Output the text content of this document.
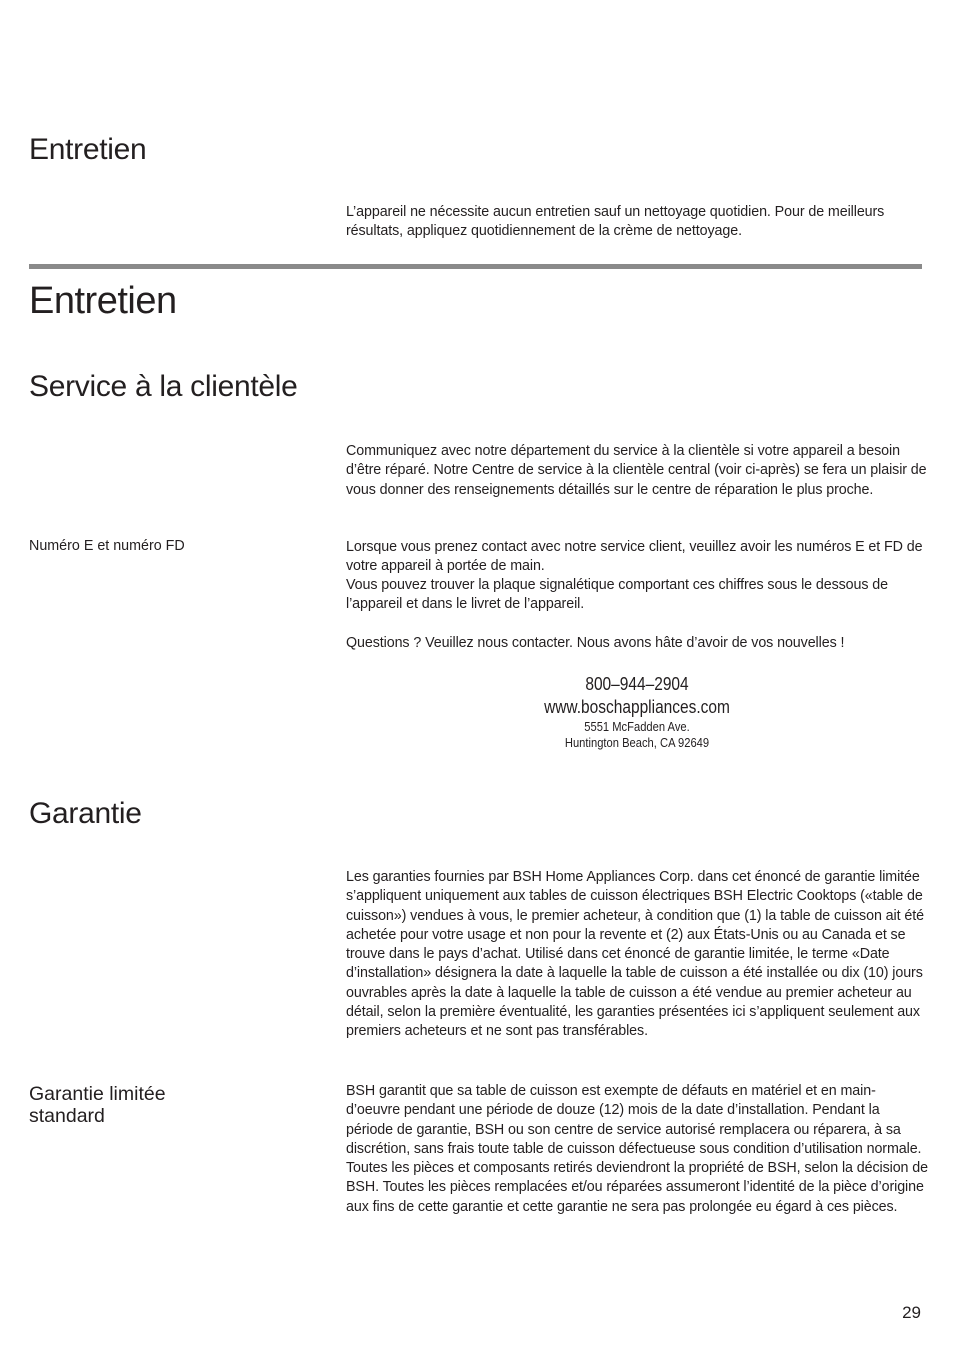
Entretien

L’appareil ne nécessite aucun entretien sauf un nettoyage quotidien. Pour de meilleurs résultats, appliquez quotidiennement de la crème de nettoyage.

Entretien
Service à la clientèle

Communiquez avec notre département du service à la clientèle si votre appareil a besoin d’être réparé. Notre Centre de service à la clientèle central (voir ci-après) se fera un plaisir de vous donner des renseignements détaillés sur le centre de réparation le plus proche.

Numéro E et numéro FD	Lorsque vous prenez contact avec notre service client, veuillez avoir les numéros E et FD de votre appareil à portée de main.

Vous pouvez trouver la plaque signalétique comportant ces chiffres sous le dessous de l’appareil et dans le livret de l’appareil.

Questions ? Veuillez nous contacter. Nous avons hâte d’avoir de vos nouvelles !

800–944–2904
www.boschappliances.com
5551 McFadden Ave.
Huntington Beach, CA 92649
Garantie

Les garanties fournies par BSH Home Appliances Corp. dans cet énoncé de garantie limitée s’appliquent uniquement aux tables de cuisson électriques BSH Electric Cooktops («table de cuisson») vendues à vous, le premier acheteur, à condition que (1) la table de cuisson ait été achetée pour votre usage et non pour la revente et (2) aux États-Unis ou au Canada et se trouve dans le pays d’achat. Utilisé dans cet énoncé de garantie limitée, le terme «Date d’installation» désignera la date à laquelle la table de cuisson a été installée ou dix (10) jours ouvrables après la date à laquelle la table de cuisson a été vendue au premier acheteur au détail, selon la première éventualité, les garanties présentées ici s’appliquent seulement aux premiers acheteurs et ne sont pas transférables.

Garantie limitée standard

BSH garantit que sa table de cuisson est exempte de défauts en matériel et en main-d’oeuvre pendant une période de douze (12) mois de la date d’installation. Pendant la période de garantie, BSH ou son centre de service autorisé remplacera ou réparera, à sa discrétion, sans frais toute table de cuisson défectueuse sous condition d’utilisation normale. Toutes les pièces et composants retirés deviendront la propriété de BSH, selon la décision de BSH. Toutes les pièces remplacées et/ou réparées assumeront l’identité de la pièce d’origine aux fins de cette garantie et cette garantie ne sera pas prolongée eu égard à ces pièces.

29
